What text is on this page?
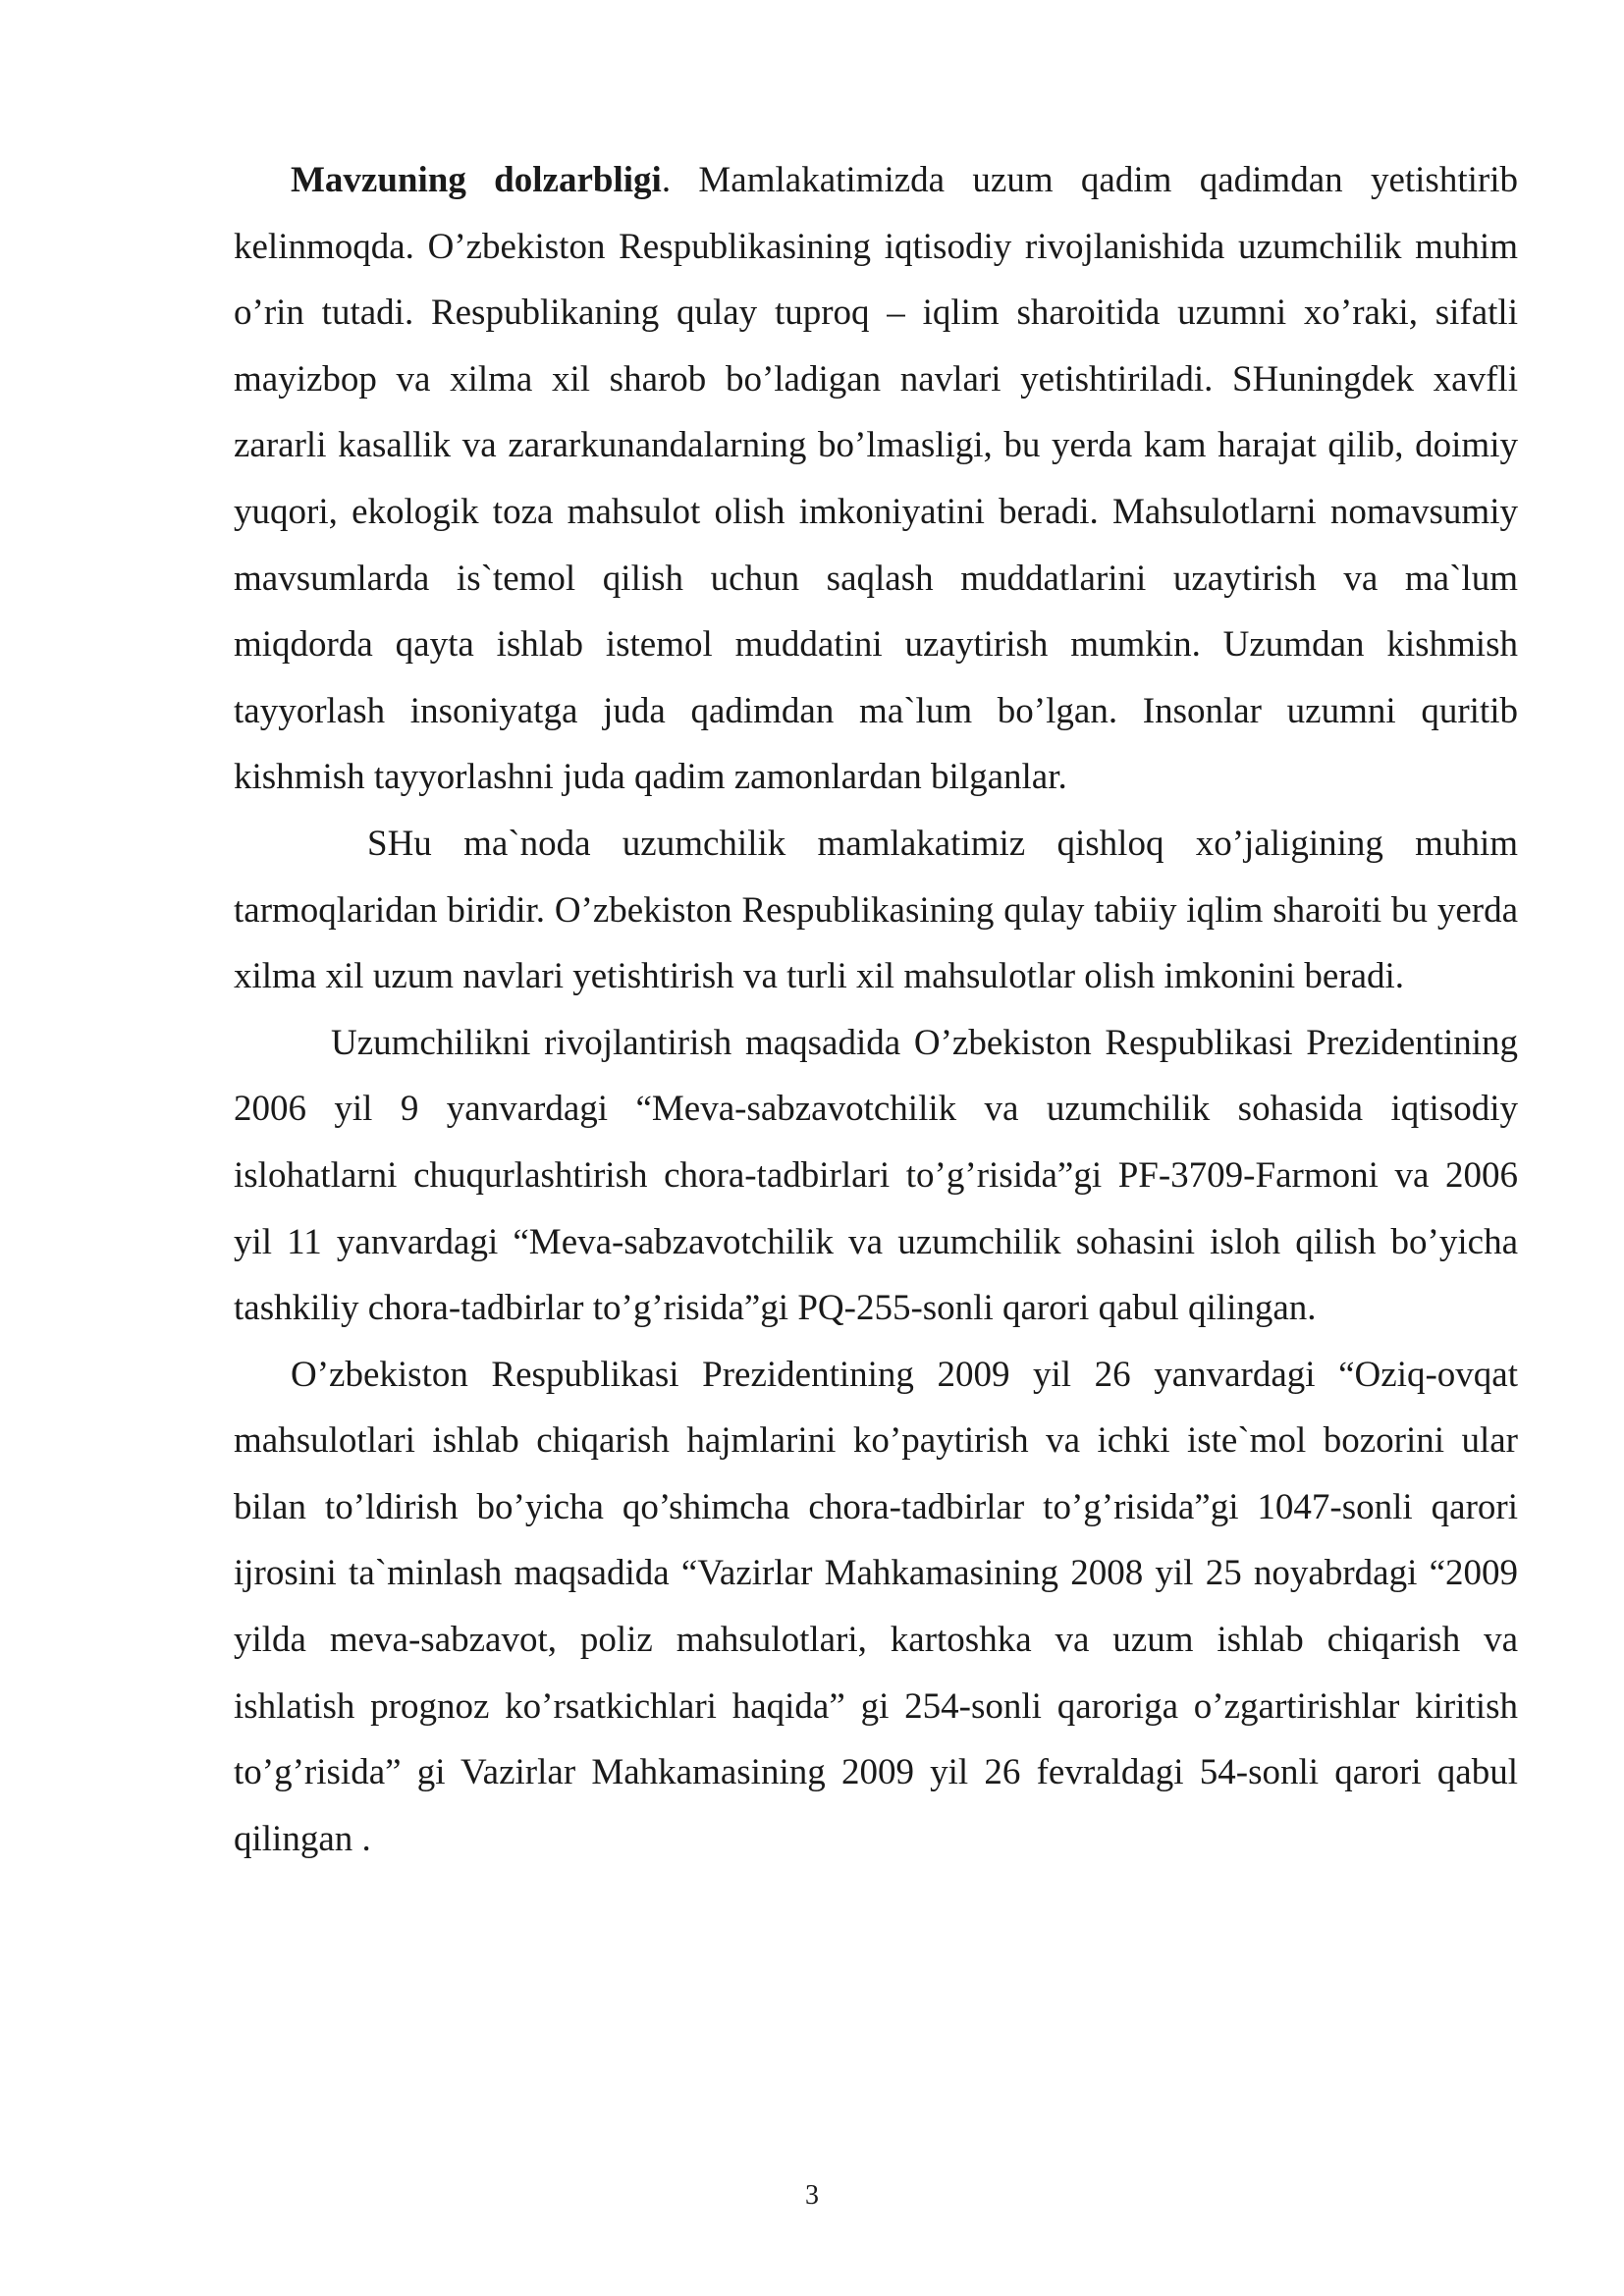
Mavzuning dolzarbligi. Mamlakatimizda uzum qadim qadimdan yetishtirib kelinmoqda. O’zbekiston Respublikasining iqtisodiy rivojlanishida uzumchilik muhim o’rin tutadi. Respublikaning qulay tuproq – iqlim sharoitida uzumni xo’raki, sifatli mayizbop va xilma xil sharob bo’ladigan navlari yetishtiriladi. SHuningdek xavfli zararli kasallik va zararkunandalarning bo’lmasligi, bu yerda kam harajat qilib, doimiy yuqori, ekologik toza mahsulot olish imkoniyatini beradi. Mahsulotlarni nomavsumiy mavsumlarda is`temol qilish uchun saqlash muddatlarini uzaytirish va ma`lum miqdorda qayta ishlab istemol muddatini uzaytirish mumkin. Uzumdan kishmish tayyorlash insoniyatga juda qadimdan ma`lum bo’lgan. Insonlar uzumni quritib kishmish tayyorlashni juda qadim zamonlardan bilganlar.

SHu ma`noda uzumchilik mamlakatimiz qishloq xo’jaligining muhim tarmoqlaridan biridir. O’zbekiston Respublikasining qulay tabiiy iqlim sharoiti bu yerda xilma xil uzum navlari yetishtirish va turli xil mahsulotlar olish imkonini beradi.

Uzumchilikni rivojlantirish maqsadida O’zbekiston Respublikasi Prezidentining 2006 yil 9 yanvardagi “Meva-sabzavotchilik va uzumchilik sohasida iqtisodiy islohatlarni chuqurlashtirish chora-tadbirlari to’g’risida”gi PF-3709-Farmoni va 2006 yil 11 yanvardagi “Meva-sabzavotchilik va uzumchilik sohasini isloh qilish bo’yicha tashkiliy chora-tadbirlar to’g’risida”gi PQ-255-sonli qarori qabul qilingan.

O’zbekiston Respublikasi Prezidentining 2009 yil 26 yanvardagi “Oziq-ovqat mahsulotlari ishlab chiqarish hajmlarini ko’paytirish va ichki iste`mol bozorini ular bilan to’ldirish bo’yicha qo’shimcha chora-tadbirlar to’g’risida”gi 1047-sonli qarori ijrosini ta`minlash maqsadida “Vazirlar Mahkamasining 2008 yil 25 noyabrdagi “2009 yilda meva-sabzavot, poliz mahsulotlari, kartoshka va uzum ishlab chiqarish va ishlatish prognoz ko’rsatkichlari haqida” gi 254-sonli qaroriga o’zgartirishlar kiritish to’g’risida” gi Vazirlar Mahkamasining 2009 yil 26 fevraldagi 54-sonli qarori qabul qilingan .

3
